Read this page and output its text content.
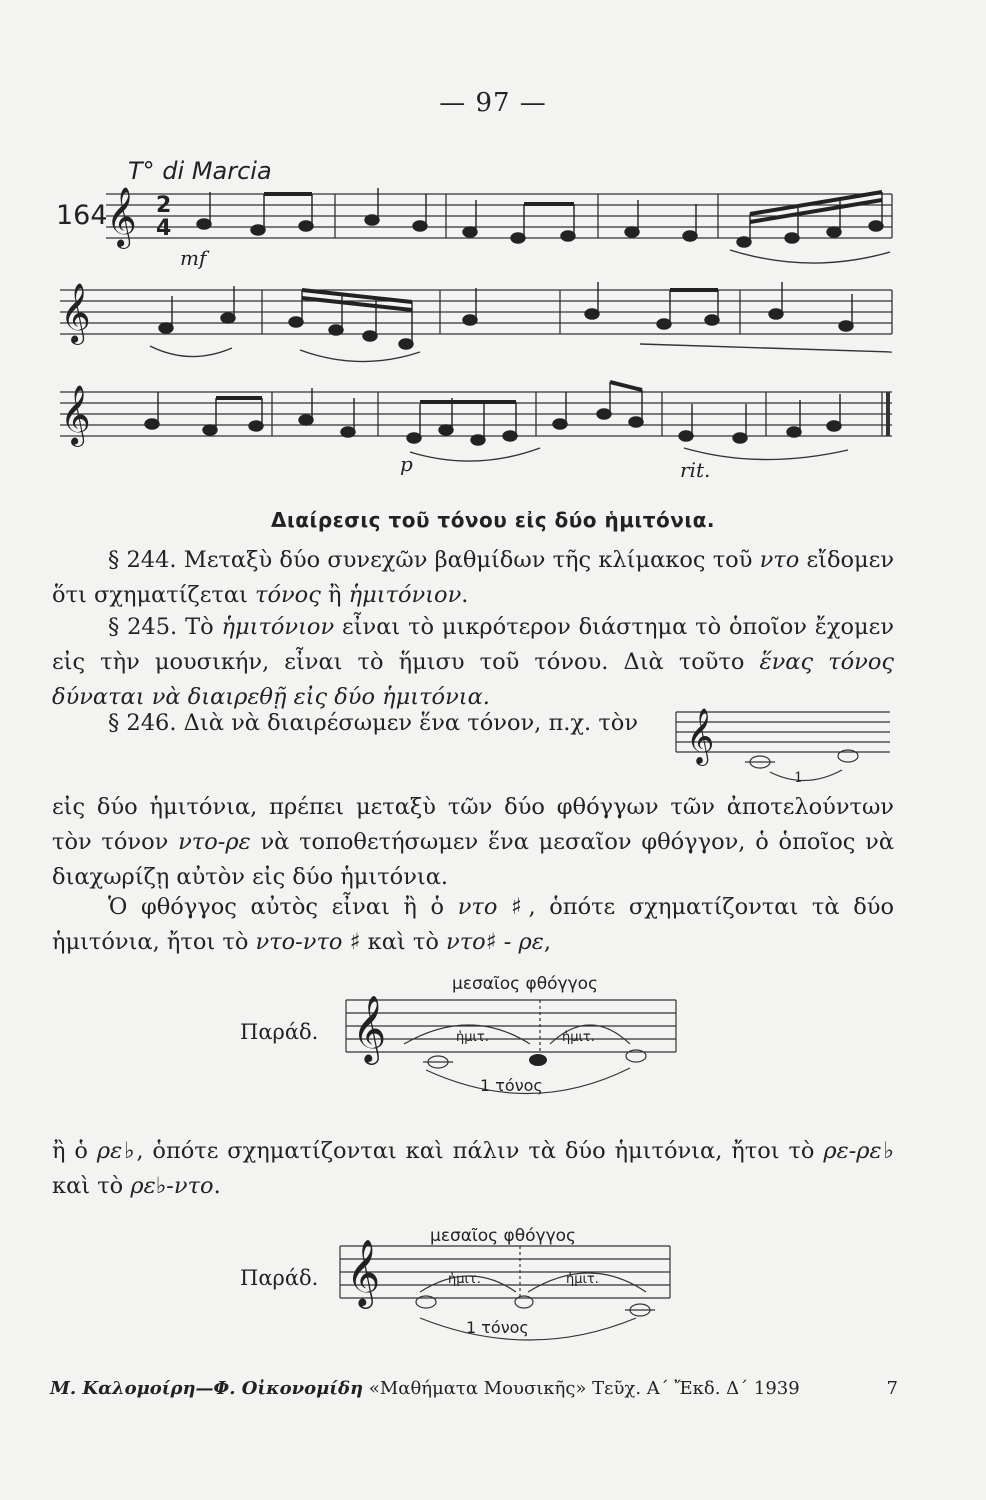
— 97 —
T° di Marcia
164
𝄞
𝄞
𝄞
2
4
𝄞
𝄞
𝄞
mf
p	rit.
Διαίρεσις τοῦ τόνου εἰς δύο ἡμιτόνια.
§ 244. Μεταξὺ δύο συνεχῶν βαθμίδων τῆς κλίμακος τοῦ ντο εἴδομεν ὅτι σχηματίζεται τόνος ἢ ἡμιτόνιον.
§ 245. Τὸ ἡμιτόνιον εἶναι τὸ μικρότερον διάστημα τὸ ὁποῖον ἔχομεν εἰς τὴν μουσικήν, εἶναι τὸ ἥμισυ τοῦ τόνου. Διὰ τοῦτο ἕνας τόνος δύναται νὰ διαιρεθῇ εἰς δύο ἡμιτόνια.
§ 246. Διὰ νὰ διαιρέσωμεν ἕνα τόνον, π.χ. τὸν
1
εἰς δύο ἡμιτόνια, πρέπει μεταξὺ τῶν δύο φθόγγων τῶν ἀποτελούντων τὸν τόνον ντο-ρε νὰ τοποθετήσωμεν ἕνα μεσαῖον φθόγγον, ὁ ὁποῖος νὰ διαχωρίζῃ αὐτὸν εἰς δύο ἡμιτόνια.
Ὁ φθόγγος αὐτὸς εἶναι ἢ ὁ ντο ♯, ὁπότε σχηματίζονται τὰ δύο ἡμιτόνια, ἤτοι τὸ ντο-ντο ♯ καὶ τὸ ντο♯ - ρε,
Παράδ.
μεσαῖος φθόγγος
ἡμιτ.	ἡμιτ.
1 τόνος
ἢ ὁ ρε♭, ὁπότε σχηματίζονται καὶ πάλιν τὰ δύο ἡμιτόνια, ἤτοι τὸ ρε-ρε♭ καὶ τὸ ρε♭-ντο.
Παράδ.
μεσαῖος φθόγγος
ἡμιτ.	ἡμιτ.
1 τόνος
Μ. Καλομοίρη—Φ. Οἰκονομίδη «Μαθήματα Μουσικῆς» Τεῦχ. Α΄ Ἔκδ. Δ΄ 1939	7
